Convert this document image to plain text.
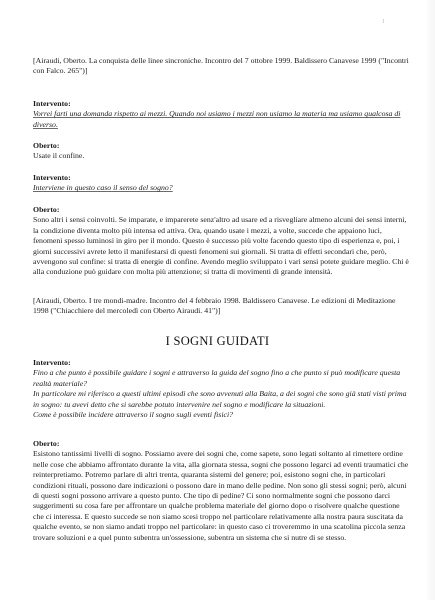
1

[Airaudi, Oberto. La conquista delle linee sincroniche. Incontro del 7 ottobre 1999. Baldissero Canavese 1999 ("Incontri con Falco. 265")]

Intervento:

Vorrei farti una domanda rispetto ai mezzi. Quando noi usiamo i mezzi non usiamo la materia ma usiamo qualcosa di diverso.

Oberto:

Usate il confine.

Intervento:

Interviene in questo caso il senso del sogno?

Oberto:

Sono altri i sensi coinvolti. Se imparate, e imparerete senz'altro ad usare ed a risvegliare almeno alcuni dei sensi interni, la condizione diventa molto più intensa ed attiva. Ora, quando usate i mezzi, a volte, succede che appaiono luci, fenomeni spesso luminosi in giro per il mondo. Questo è successo più volte facendo questo tipo di esperienza e, poi, i giorni successivi avrete letto il manifestarsi di questi fenomeni sui giornali. Si tratta di effetti secondari che, però, avvengono sul confine: si tratta di energie di confine. Avendo meglio sviluppato i vari sensi potete guidare meglio. Chi è alla conduzione può guidare con molta più attenzione; si tratta di movimenti di grande intensità.

[Airaudi, Oberto. I tre mondi-madre. Incontro del 4 febbraio 1998. Baldissero Canavese. Le edizioni di Meditazione 1998 ("Chiacchiere del mercoledì con Oberto Airaudi. 41")]

I SOGNI GUIDATI

Intervento:

Fino a che punto è possibile guidare i sogni e attraverso la guida del sogno fino a che punto si può modificare questa realtà materiale?

In particolare mi riferisco a questi ultimi episodi che sono avvenuti alla Baita, a dei sogni che sono già stati visti prima in sogno: tu avevi detto che si sarebbe potuto intervenire nel sogno e modificare la situazioni.

Come è possibile incidere attraverso il sogno sugli eventi fisici?

Oberto:

Esistono tantissimi livelli di sogno. Possiamo avere dei sogni che, come sapete, sono legati soltanto al rimettere ordine nelle cose che abbiamo affrontato durante la vita, alla giornata stessa, sogni che possono legarci ad eventi traumatici che reinterpretiamo. Potremo parlare di altri trenta, quaranta sistemi del genere; poi, esistono sogni che, in particolari condizioni rituali, possono dare indicazioni o possono dare in mano delle pedine. Non sono gli stessi sogni; però, alcuni di questi sogni possono arrivare a questo punto. Che tipo di pedine? Ci sono normalmente sogni che possono darci suggerimenti su cosa fare per affrontare un qualche problema materiale del giorno dopo o risolvere qualche questione che ci interessa. E questo succede se non siamo scesi troppo nel particolare relativamente alla nostra paura suscitata da qualche evento, se non siamo andati troppo nel particolare: in questo caso ci troveremmo in una scatolina piccola senza trovare soluzioni e a quel punto subentra un'ossessione, subentra un sistema che si nutre di se stesso.
